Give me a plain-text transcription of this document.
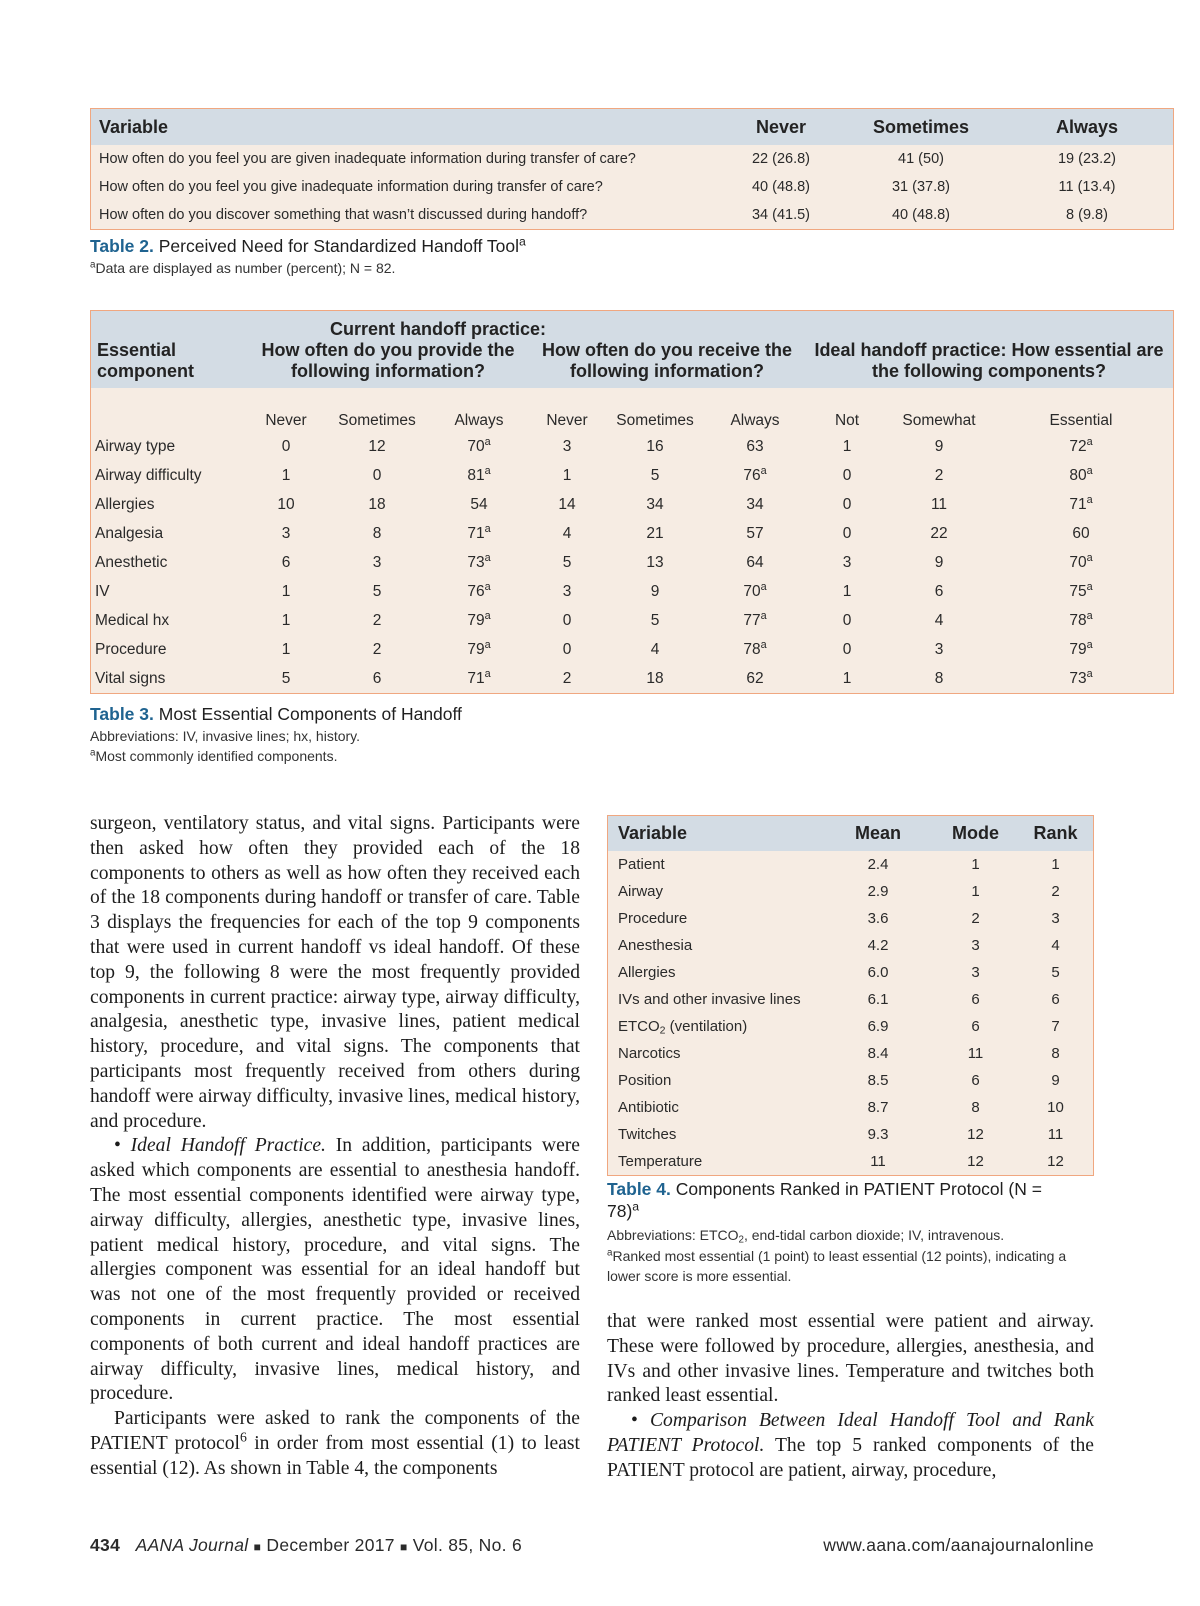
Variable	Never	Sometimes	Always
How often do you feel you are given inadequate information during transfer of care?	22 (26.8)	41 (50)	19 (23.2)
How often do you feel you give inadequate information during transfer of care?	40 (48.8)	31 (37.8)	11 (13.4)
How often do you discover something that wasn’t discussed during handoff?	34 (41.5)	40 (48.8)	8 (9.8)
Table 2. Perceived Need for Standardized Handoff Tool$^a$
$^a$Data are displayed as number (percent); N = 82.
Essential component	Current handoff practice:
How often do you provide the following information?			How often do you receive the following information?			Ideal handoff practice: How essential are the following components?		
	Never	Sometimes	Always	Never	Sometimes	Always	Not	Somewhat	Essential
Airway type	0	12	70$^a$	3	16	63	1	9	72$^a$
Airway difficulty	1	0	81$^a$	1	5	76$^a$	0	2	80$^a$
Allergies	10	18	54	14	34	34	0	11	71$^a$
Analgesia	3	8	71$^a$	4	21	57	0	22	60
Anesthetic	6	3	73$^a$	5	13	64	3	9	70$^a$
IV	1	5	76$^a$	3	9	70$^a$	1	6	75$^a$
Medical hx	1	2	79$^a$	0	5	77$^a$	0	4	78$^a$
Procedure	1	2	79$^a$	0	4	78$^a$	0	3	79$^a$
Vital signs	5	6	71$^a$	2	18	62	1	8	73$^a$
Table 3. Most Essential Components of Handoff
Abbreviations: IV, invasive lines; hx, history.
$^a$Most commonly identified components.

surgeon, ventilatory status, and vital signs. Participants were then asked how often they provided each of the 18 components to others as well as how often they received each of the 18 components during handoff or transfer of care. Table 3 displays the frequencies for each of the top 9 components that were used in current handoff vs ideal handoff. Of these top 9, the following 8 were the most frequently provided components in current practice: airway type, airway difficulty, analgesia, anesthetic type, invasive lines, patient medical history, procedure, and vital signs. The components that participants most frequently received from others during handoff were airway difficulty, invasive lines, medical history, and procedure.

• Ideal Handoff Practice. In addition, participants were asked which components are essential to anesthesia handoff. The most essential components identified were airway type, airway difficulty, allergies, anesthetic type, invasive lines, patient medical history, procedure, and vital signs. The allergies component was essential for an ideal handoff but was not one of the most frequently provided or received components in current practice. The most essential components of both current and ideal handoff practices are airway difficulty, invasive lines, medical history, and procedure.

Participants were asked to rank the components of the PATIENT protocol$^6$ in order from most essential (1) to least essential (12). As shown in Table 4, the components

Variable	Mean	Mode	Rank
Patient	2.4	1	1
Airway	2.9	1	2
Procedure	3.6	2	3
Anesthesia	4.2	3	4
Allergies	6.0	3	5
IVs and other invasive lines	6.1	6	6
$ETCO_2$ (ventilation)	6.9	6	7
Narcotics	8.4	11	8
Position	8.5	6	9
Antibiotic	8.7	8	10
Twitches	9.3	12	11
Temperature	11	12	12
Table 4. Components Ranked in PATIENT Protocol (N = 78)$^a$
Abbreviations: $ETCO_2$, end-tidal carbon dioxide; IV, intravenous.
$^a$Ranked most essential (1 point) to least essential (12 points), indicating a lower score is more essential.

that were ranked most essential were patient and airway. These were followed by procedure, allergies, anesthesia, and IVs and other invasive lines. Temperature and twitches both ranked least essential.

• Comparison Between Ideal Handoff Tool and Rank PATIENT Protocol. The top 5 ranked components of the PATIENT protocol are patient, airway, procedure,

434 AANA Journal ■ December 2017 ■ Vol. 85, No. 6	www.aana.com/aanajournalonline
